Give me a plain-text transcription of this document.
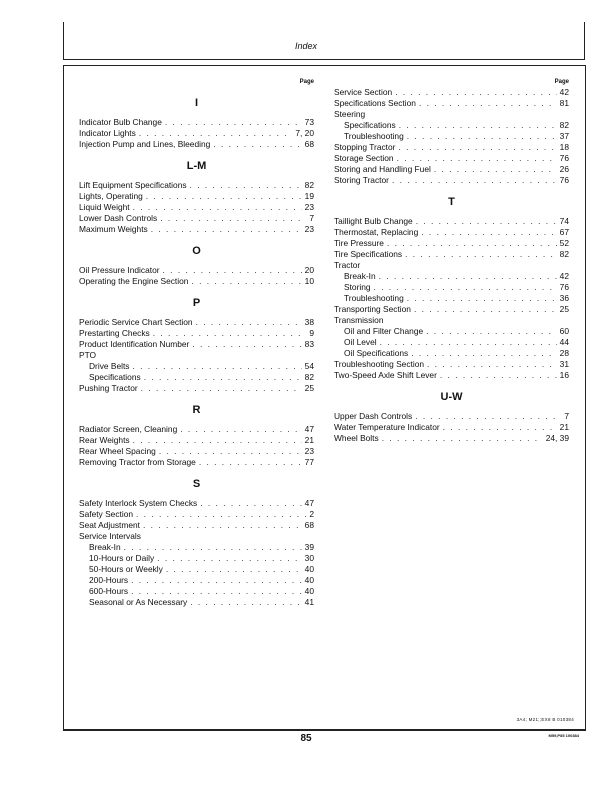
Index
Page
I
Indicator Bulb Change . . .	73
Indicator Lights . . .	7, 20
Injection Pump and Lines, Bleeding . . .	68
L-M
Lift Equipment Specifications . . .	82
Lights, Operating . . .	19
Liquid Weight . . .	23
Lower Dash Controls . . .	7
Maximum Weights . . .	23
O
Oil Pressure Indicator . . .	20
Operating the Engine Section . . .	10
P
Periodic Service Chart Section . . .	38
Prestarting Checks . . .	9
Product Identification Number . . .	83
PTO
Drive Belts . . .	54
Specifications . . .	82
Pushing Tractor . . .	25
R
Radiator Screen, Cleaning . . .	47
Rear Weights . . .	21
Rear Wheel Spacing . . .	23
Removing Tractor from Storage . . .	77
S
Safety Interlock System Checks . . .	47
Safety Section . . .	2
Seat Adjustment . . .	68
Service Intervals
Break-In . . .	39
10-Hours or Daily . . .	30
50-Hours or Weekly . . .	40
200-Hours . . .	40
600-Hours . . .	40
Seasonal or As Necessary . . .	41
Page
Service Section . . .	42
Specifications Section . . .	81
Steering
Specifications . . .	82
Troubleshooting . . .	37
Stopping Tractor . . .	18
Storage Section . . .	76
Storing and Handling Fuel . . .	26
Storing Tractor . . .	76
T
Taillight Bulb Change . . .	74
Thermostat, Replacing . . .	67
Tire Pressure . . .	52
Tire Specifications . . .	82
Tractor
Break-In . . .	42
Storing . . .	76
Troubleshooting . . .	36
Transporting Section . . .	25
Transmission
Oil and Filter Change . . .	60
Oil Level . . .	44
Oil Specifications . . .	28
Troubleshooting Section . . .	31
Two-Speed Axle Shift Lever . . .	16
U-W
Upper Dash Controls . . .	7
Water Temperature Indicator . . .	21
Wheel Bolts . . .	24, 39
3A4; M21;;EX8 B 010384
85	M59,P85 100384
